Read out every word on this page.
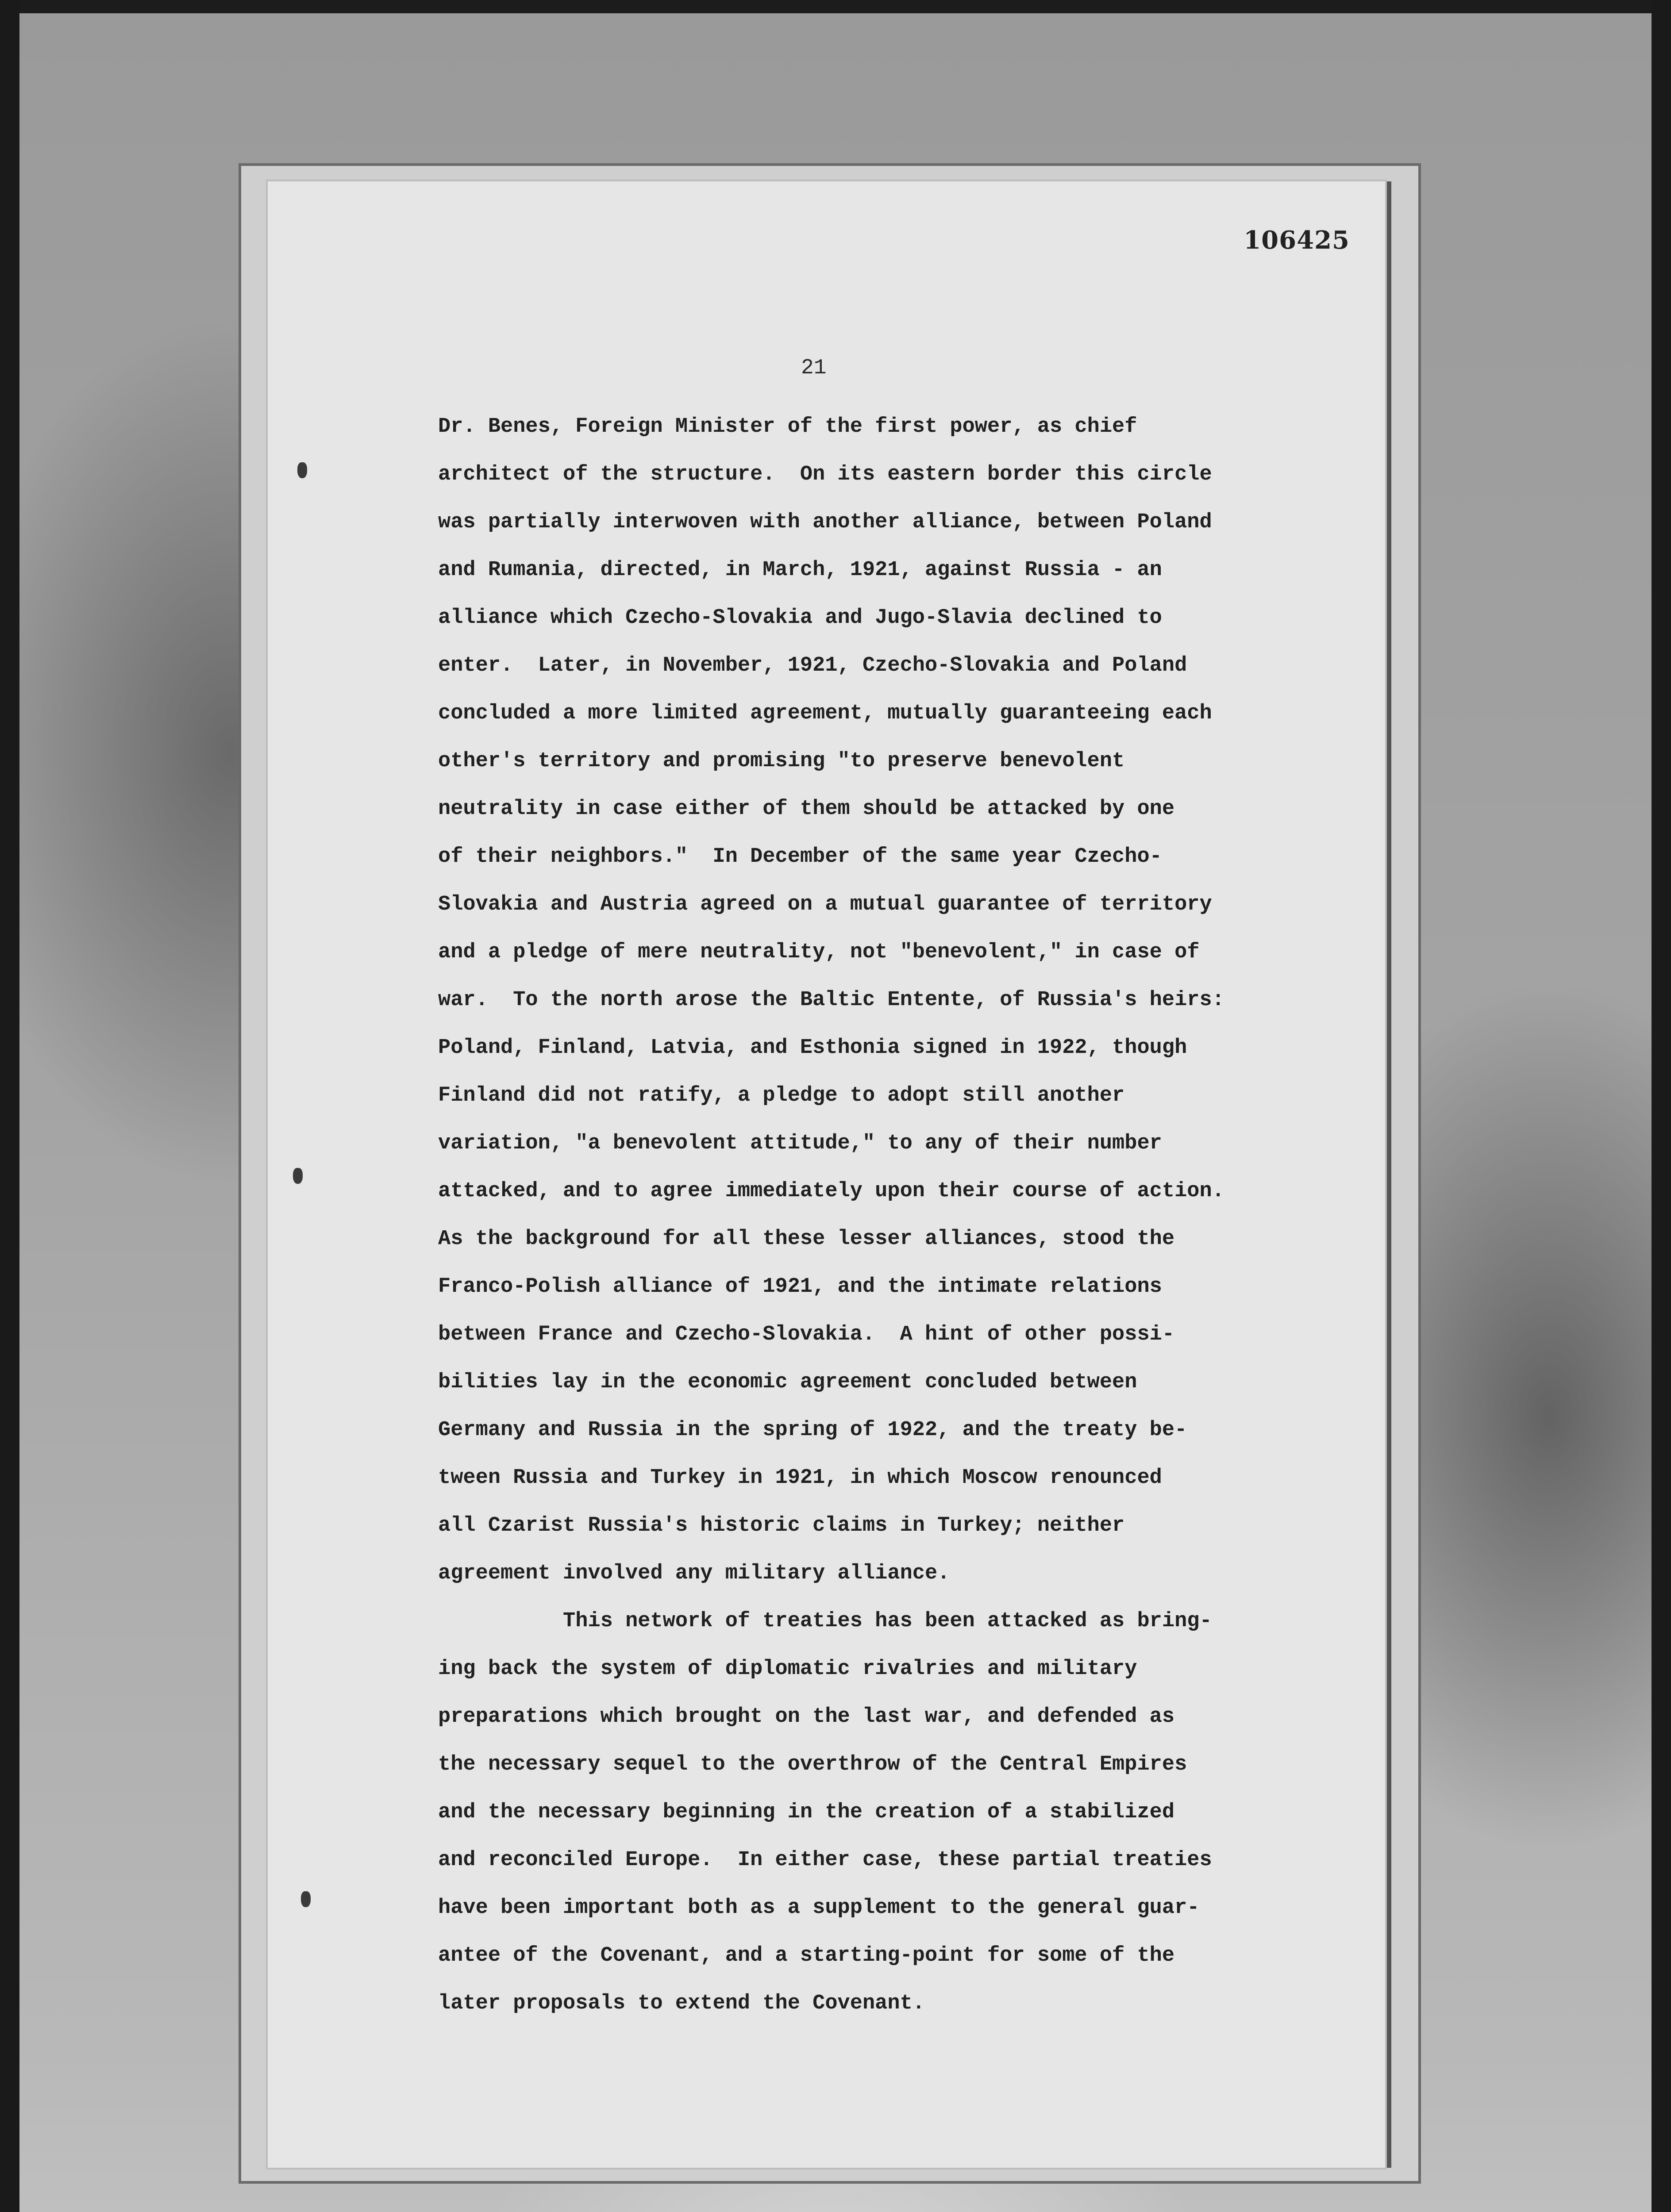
106425
21
Dr. Benes, Foreign Minister of the first power, as chief
architect of the structure.  On its eastern border this circle
was partially interwoven with another alliance, between Poland
and Rumania, directed, in March, 1921, against Russia - an
alliance which Czecho-Slovakia and Jugo-Slavia declined to
enter.  Later, in November, 1921, Czecho-Slovakia and Poland
concluded a more limited agreement, mutually guaranteeing each
other's territory and promising "to preserve benevolent
neutrality in case either of them should be attacked by one
of their neighbors."  In December of the same year Czecho-
Slovakia and Austria agreed on a mutual guarantee of territory
and a pledge of mere neutrality, not "benevolent," in case of
war.  To the north arose the Baltic Entente, of Russia's heirs:
Poland, Finland, Latvia, and Esthonia signed in 1922, though
Finland did not ratify, a pledge to adopt still another
variation, "a benevolent attitude," to any of their number
attacked, and to agree immediately upon their course of action.
As the background for all these lesser alliances, stood the
Franco-Polish alliance of 1921, and the intimate relations
between France and Czecho-Slovakia.  A hint of other possi-
bilities lay in the economic agreement concluded between
Germany and Russia in the spring of 1922, and the treaty be-
tween Russia and Turkey in 1921, in which Moscow renounced
all Czarist Russia's historic claims in Turkey; neither
agreement involved any military alliance.
This network of treaties has been attacked as bring-
ing back the system of diplomatic rivalries and military
preparations which brought on the last war, and defended as
the necessary sequel to the overthrow of the Central Empires
and the necessary beginning in the creation of a stabilized
and reconciled Europe.  In either case, these partial treaties
have been important both as a supplement to the general guar-
antee of the Covenant, and a starting-point for some of the
later proposals to extend the Covenant.
